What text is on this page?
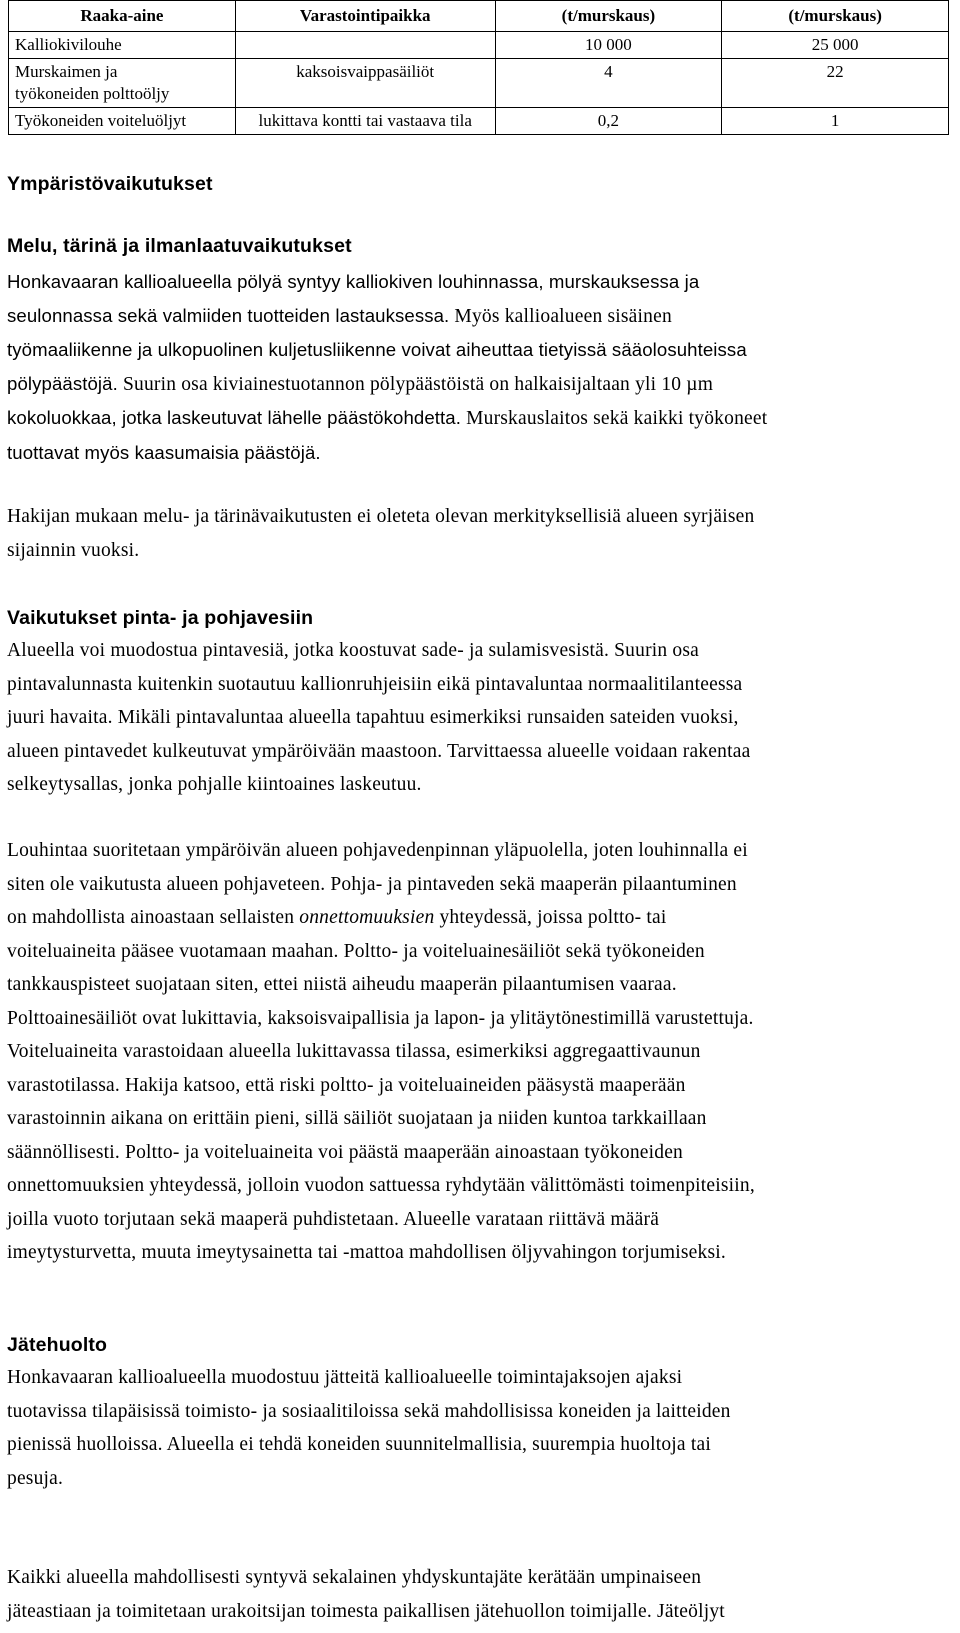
Raaka-aine	Varastointipaikka	(t/murskaus)	(t/murskaus)
Kalliokivilouhe		10 000	25 000

Murskaimen ja
työkoneiden polttoöljy	kaksoisvaippasäiliöt	4	22
Työkoneiden voiteluöljyt	lukittava kontti tai vastaava tila	0,2	1
Ympäristövaikutukset
Melu, tärinä ja ilmanlaatuvaikutukset
Honkavaaran kallioalueella pölyä syntyy kalliokiven louhinnassa, murskauksessa ja
seulonnassa sekä valmiiden tuotteiden lastauksessa. Myös kallioalueen sisäinen
työmaaliikenne ja ulkopuolinen kuljetusliikenne voivat aiheuttaa tietyissä sääolosuhteissa
pölypäästöjä. Suurin osa kiviainestuotannon pölypäästöistä on halkaisijaltaan yli 10 µm
kokoluokkaa, jotka laskeutuvat lähelle päästökohdetta. Murskauslaitos sekä kaikki työkoneet
tuottavat myös kaasumaisia päästöjä.
Hakijan mukaan melu- ja tärinävaikutusten ei oleteta olevan merkityksellisiä alueen syrjäisen
sijainnin vuoksi.
Vaikutukset pinta- ja pohjavesiin
Alueella voi muodostua pintavesiä, jotka koostuvat sade- ja sulamisvesistä. Suurin osa
pintavalunnasta kuitenkin suotautuu kallionruhjeisiin eikä pintavaluntaa normaalitilanteessa
juuri havaita. Mikäli pintavaluntaa alueella tapahtuu esimerkiksi runsaiden sateiden vuoksi,
alueen pintavedet kulkeutuvat ympäröivään maastoon. Tarvittaessa alueelle voidaan rakentaa
selkeytysallas, jonka pohjalle kiintoaines laskeutuu.
Louhintaa suoritetaan ympäröivän alueen pohjavedenpinnan yläpuolella, joten louhinnalla ei
siten ole vaikutusta alueen pohjaveteen. Pohja- ja pintaveden sekä maaperän pilaantuminen
on mahdollista ainoastaan sellaisten onnettomuuksien yhteydessä, joissa poltto- tai
voiteluaineita pääsee vuotamaan maahan. Poltto- ja voiteluainesäiliöt sekä työkoneiden
tankkauspisteet suojataan siten, ettei niistä aiheudu maaperän pilaantumisen vaaraa.
Polttoainesäiliöt ovat lukittavia, kaksoisvaipallisia ja lapon- ja ylitäytönestimillä varustettuja.
Voiteluaineita varastoidaan alueella lukittavassa tilassa, esimerkiksi aggregaattivaunun
varastotilassa. Hakija katsoo, että riski poltto- ja voiteluaineiden pääsystä maaperään
varastoinnin aikana on erittäin pieni, sillä säiliöt suojataan ja niiden kuntoa tarkkaillaan
säännöllisesti. Poltto- ja voiteluaineita voi päästä maaperään ainoastaan työkoneiden
onnettomuuksien yhteydessä, jolloin vuodon sattuessa ryhdytään välittömästi toimenpiteisiin,
joilla vuoto torjutaan sekä maaperä puhdistetaan. Alueelle varataan riittävä määrä
imeytysturvetta, muuta imeytysainetta tai -mattoa mahdollisen öljyvahingon torjumiseksi.
Jätehuolto
Honkavaaran kallioalueella muodostuu jätteitä kallioalueelle toimintajaksojen ajaksi
tuotavissa tilapäisissä toimisto- ja sosiaalitiloissa sekä mahdollisissa koneiden ja laitteiden
pienissä huolloissa. Alueella ei tehdä koneiden suunnitelmallisia, suurempia huoltoja tai
pesuja.
Kaikki alueella mahdollisesti syntyvä sekalainen yhdyskuntajäte kerätään umpinaiseen
jäteastiaan ja toimitetaan urakoitsijan toimesta paikallisen jätehuollon toimijalle. Jäteöljyt
